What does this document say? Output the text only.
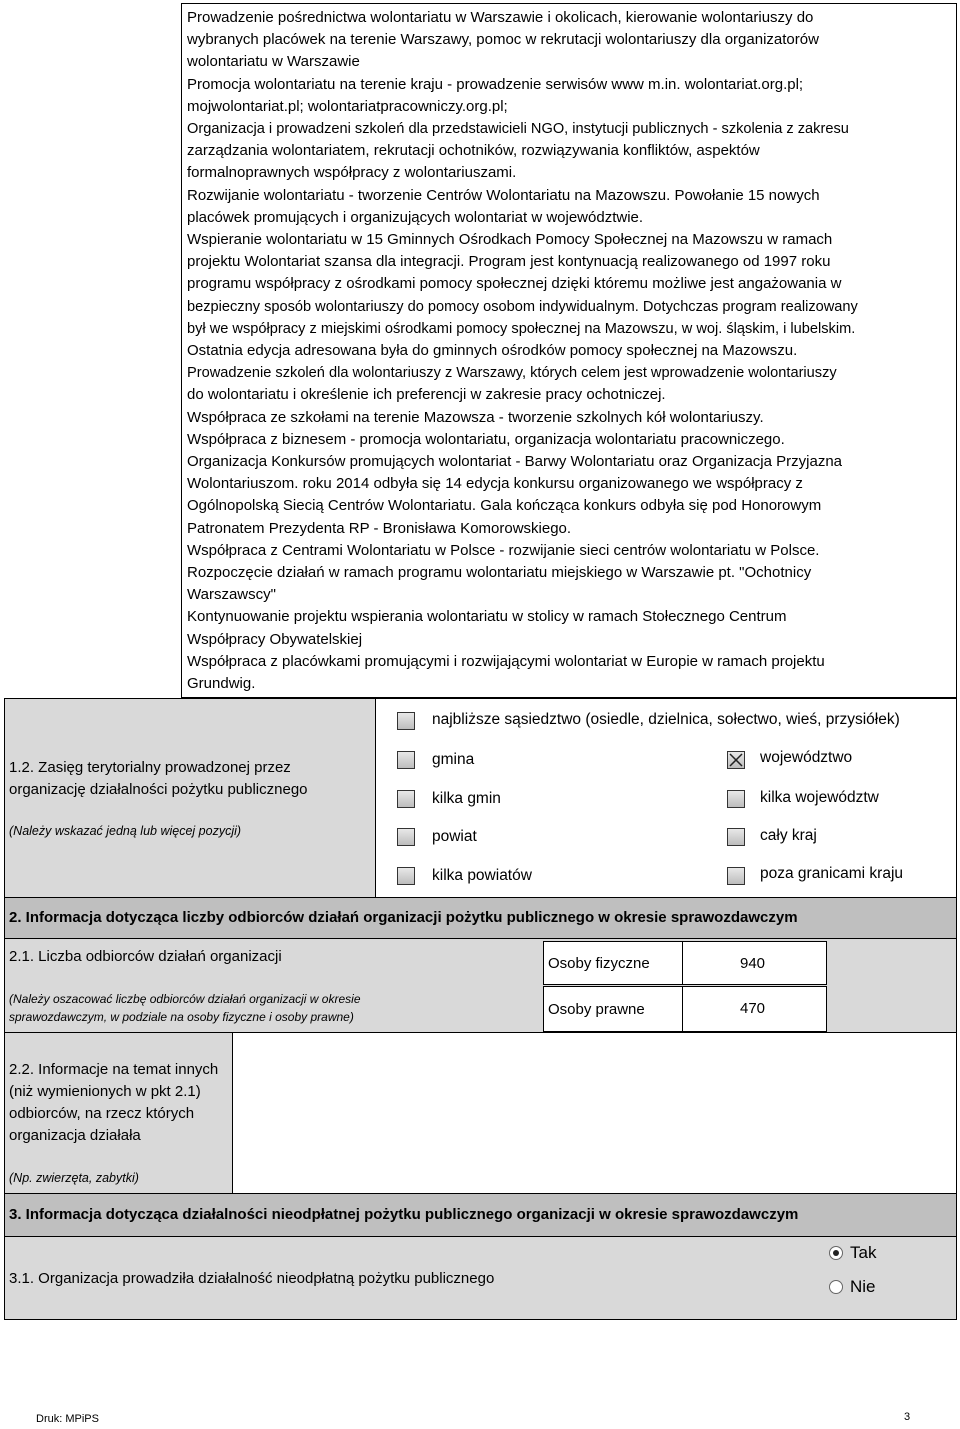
Prowadzenie pośrednictwa wolontariatu w Warszawie i okolicach, kierowanie wolontariuszy do
wybranych placówek na terenie Warszawy, pomoc w rekrutacji wolontariuszy dla organizatorów
wolontariatu w Warszawie
Promocja wolontariatu na terenie kraju - prowadzenie serwisów www m.in. wolontariat.org.pl;
mojwolontariat.pl; wolontariatpracowniczy.org.pl;
Organizacja i prowadzeni szkoleń dla przedstawicieli NGO, instytucji publicznych - szkolenia z zakresu
zarządzania wolontariatem, rekrutacji ochotników, rozwiązywania konfliktów, aspektów
formalnoprawnych współpracy z wolontariuszami.
Rozwijanie wolontariatu - tworzenie Centrów Wolontariatu na Mazowszu. Powołanie 15 nowych
placówek promujących i organizujących wolontariat w województwie.
Wspieranie wolontariatu w 15 Gminnych Ośrodkach Pomocy Społecznej na Mazowszu w ramach
projektu Wolontariat szansa dla integracji. Program jest kontynuacją realizowanego od 1997 roku
programu współpracy z ośrodkami pomocy społecznej dzięki któremu możliwe jest angażowania w
bezpieczny sposób wolontariuszy do pomocy osobom indywidualnym. Dotychczas program realizowany
był we współpracy z miejskimi ośrodkami pomocy społecznej na Mazowszu, w woj. śląskim, i lubelskim.
Ostatnia edycja adresowana była do gminnych ośrodków pomocy społecznej na Mazowszu.
Prowadzenie szkoleń dla wolontariuszy z Warszawy, których celem jest wprowadzenie wolontariuszy
do wolontariatu i określenie ich preferencji w zakresie pracy ochotniczej.
Współpraca ze szkołami na terenie Mazowsza - tworzenie szkolnych kół wolontariuszy.
Współpraca z biznesem - promocja wolontariatu, organizacja wolontariatu pracowniczego.
Organizacja Konkursów promujących wolontariat - Barwy Wolontariatu oraz Organizacja Przyjazna
Wolontariuszom. roku 2014 odbyła się 14 edycja konkursu organizowanego we współpracy z
Ogólnopolską Siecią Centrów Wolontariatu. Gala kończąca konkurs odbyła się pod Honorowym
Patronatem Prezydenta RP - Bronisława Komorowskiego.
Współpraca z Centrami Wolontariatu w Polsce - rozwijanie sieci centrów wolontariatu w Polsce.
Rozpoczęcie działań w ramach programu wolontariatu miejskiego w Warszawie pt. "Ochotnicy
Warszawscy"
Kontynuowanie projektu wspierania wolontariatu w stolicy w ramach Stołecznego Centrum
Współpracy Obywatelskiej
Współpraca z placówkami promującymi i rozwijającymi wolontariat w Europie w ramach projektu
Grundwig.
1.2. Zasięg terytorialny prowadzonej przez organizację działalności pożytku publicznego
(Należy wskazać jedną lub więcej pozycji)
najbliższe sąsiedztwo (osiedle, dzielnica, sołectwo, wieś, przysiółek)
gmina
kilka gmin
powiat
kilka powiatów
województwo
kilka województw
cały kraj
poza granicami kraju
2. Informacja dotycząca liczby odbiorców działań organizacji pożytku publicznego w okresie sprawozdawczym
2.1. Liczba odbiorców działań organizacji
(Należy oszacować liczbę odbiorców działań organizacji w okresie sprawozdawczym, w podziale na osoby fizyczne i osoby prawne)
Osoby fizyczne	940
Osoby prawne	470
2.2. Informacje na temat innych (niż wymienionych w pkt 2.1) odbiorców, na rzecz których organizacja działała
(Np. zwierzęta, zabytki)
3. Informacja dotycząca działalności nieodpłatnej pożytku publicznego organizacji w okresie sprawozdawczym
3.1. Organizacja prowadziła działalność nieodpłatną pożytku publicznego
Tak
Nie
Druk: MPiPS	3
